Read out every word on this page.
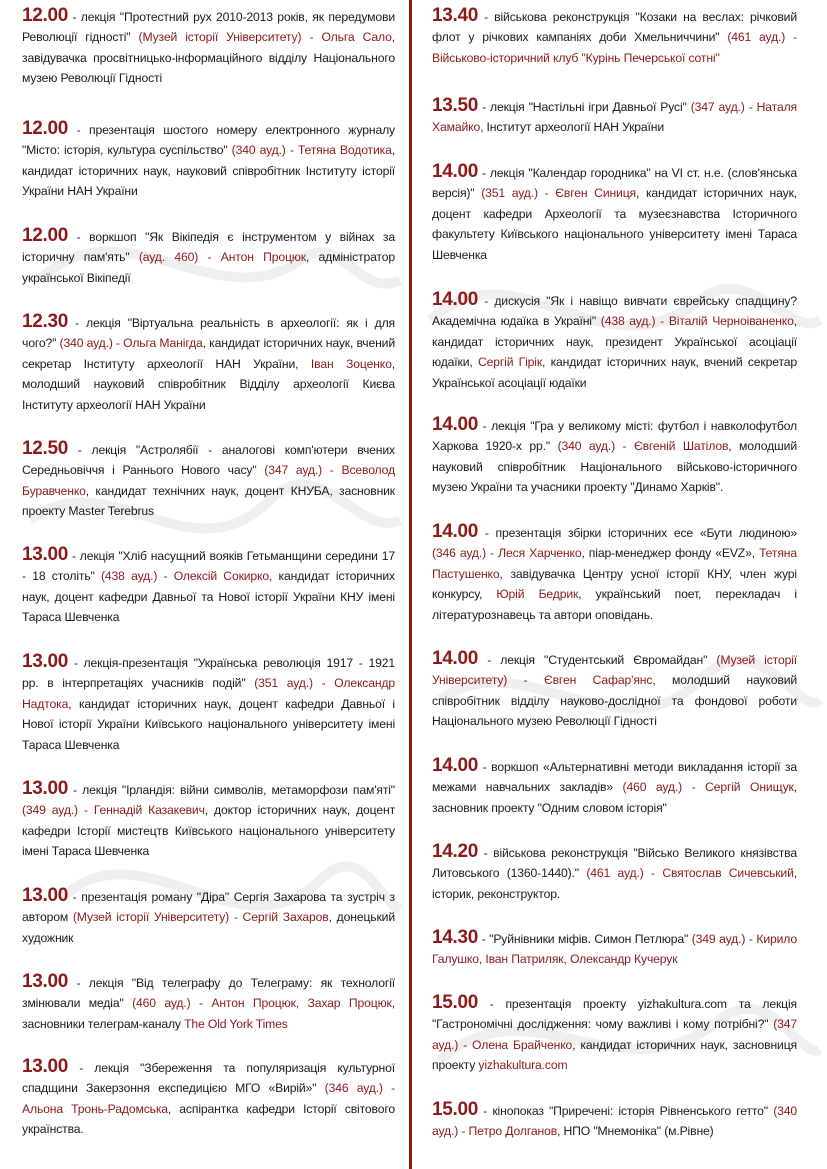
12.00 - лекція "Протестний рух 2010-2013 років, як передумови Революції гідності" (Музей історії Університету) - Ольга Сало, завідувачка просвітницько-інформаційного відділу Національного музею Революції Гідності

12.00 - презентація шостого номеру електронного журналу "Місто: історія, культура суспільство" (340 ауд.) - Тетяна Водотика, кандидат історичних наук, науковий співробітник Інституту історії України НАН України

12.00 - воркшоп "Як Вікіпедія є інструментом у війнах за історичну пам'ять" (ауд. 460) - Антон Процюк, адміністратор української Вікіпедії

12.30 - лекція "Віртуальна реальність в археології: як і для чого?" (340 ауд.) - Ольга Манігда, кандидат історичних наук, вчений секретар Інституту археології НАН України, Іван Зоценко, молодший науковий співробітник Відділу археології Києва Інституту археології НАН України

12.50 - лекція "Астролябії - аналогові комп'ютери вчених Середньовіччя і Раннього Нового часу" (347 ауд.) - Всеволод Буравченко, кандидат технічних наук, доцент КНУБА, засновник проекту Master Terebrus

13.00 - лекція "Хліб насущний вояків Гетьманщини середини 17 - 18 століть" (438 ауд.) - Олексій Сокирко, кандидат історичних наук, доцент кафедри Давньої та Нової історії України КНУ імені Тараса Шевченка

13.00 - лекція-презентація "Українська революція 1917 - 1921 рр. в інтерпретаціях учасників подій" (351 ауд.) - Олександр Надтока, кандидат історичних наук, доцент кафедри Давньої і Нової історії України Київського національного університету імені Тараса Шевченка

13.00 - лекція "Ірландія: війни символів, метаморфози пам'яті" (349 ауд.) - Геннадій Казакевич, доктор історичних наук, доцент кафедри Історії мистецтв Київського національного університету імені Тараса Шевченка

13.00 - презентація роману "Діра" Сергія Захарова та зустріч з автором (Музей історії Університету) - Сергій Захаров, донецький художник

13.00 - лекція "Від телеграфу до Телеграму: як технології змінювали медіа" (460 ауд.) - Антон Процюк, Захар Процюк, засновники телеграм-каналу The Old York Times

13.00 - лекція "Збереження та популяризація культурної спадщини Закерзоння експедицією МГО «Вирій»" (346 ауд.) - Альона Тронь-Радомська, аспірантка кафедри Історії світового українства.

13.40 - військова реконструкція "Козаки на веслах: річковий флот у річкових кампаніях доби Хмельниччини" (461 ауд.) - Військово-історичний клуб "Курінь Печерської сотні"

13.50 - лекція "Настільні ігри Давньої Русі" (347 ауд.) - Наталя Хамайко, Інститут археології НАН України

14.00 - лекція "Календар городника" на VI ст. н.е. (слов'янська версія)" (351 ауд.) - Євген Синиця, кандидат історичних наук, доцент кафедри Археології та музеєзнавства Історичного факультету Київського національного університету імені Тараса Шевченка

14.00 - дискусія "Як і навіщо вивчати єврейську спадщину? Академічна юдаїка в Україні" (438 ауд.) - Віталій Черноіваненко, кандидат історичних наук, президент Української асоціації юдаїки, Сергій Гірік, кандидат історичних наук, вчений секретар Української асоціації юдаїки

14.00 - лекція "Гра у великому місті: футбол і навколофутбол Харкова 1920-х рр." (340 ауд.) - Євгеній Шатілов, молодший науковий співробітник Національного військово-історичного музею України та учасники проекту "Динамо Харків".

14.00 - презентація збірки історичних есе «Бути людиною» (346 ауд.) - Леся Харченко, піар-менеджер фонду «EVZ», Тетяна Пастушенко, завідувачка Центру усної історії КНУ, член журі конкурсу, Юрій Бедрик, український поет, перекладач і літературознавець та автори оповідань.

14.00 - лекція "Студентський Євромайдан" (Музей історії Університету) - Євген Сафар'янс, молодший науковий співробітник відділу науково-дослідної та фондової роботи Національного музею Революції Гідності

14.00 - воркшоп «Альтернативні методи викладання історії за межами навчальних закладів» (460 ауд.) - Сергій Онищук, засновник проекту "Одним словом історія"

14.20 - військова реконструкція "Військо Великого князівства Литовського (1360-1440)." (461 ауд.) - Святослав Сичевський, історик, реконструктор.

14.30 - "Руйнівники міфів. Симон Петлюра" (349 ауд.) - Кирило Галушко, Іван Патриляк, Олександр Кучерук

15.00 - презентація проекту yizhakultura.com та лекція "Гастрономічні дослідження: чому важливі і кому потрібні?" (347 ауд.) - Олена Брайченко, кандидат історичних наук, засновниця проекту yizhakultura.com

15.00 - кінопоказ "Приречені: історія Рівненського гетто" (340 ауд.) - Петро Долганов, НПО "Мнемоніка" (м.Рівне)
